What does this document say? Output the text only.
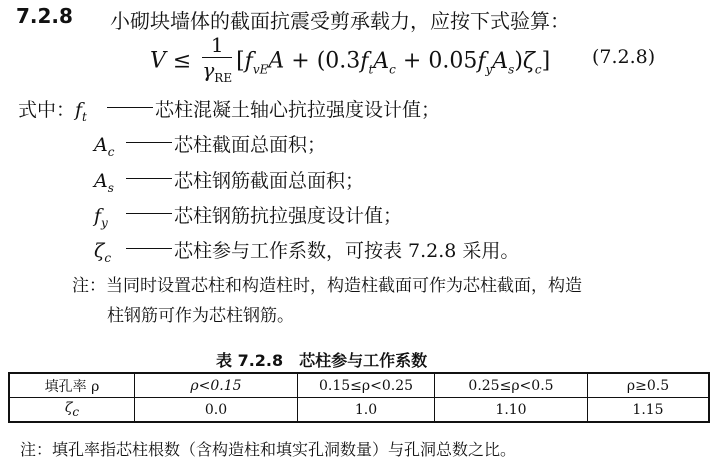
7.2.8 小砌块墙体的截面抗震受剪承载力，应按下式验算：
$V \le \frac{1}{\gamma_{RE}} [f_{vE}A + (0.3f_tA_c + 0.05f_yA_s)\zeta_c]$ (7.2.8)
式中： $f_t$	芯柱混凝土轴心抗拉强度设计值；
$A_c$	芯柱截面总面积；
$A_s$	芯柱钢筋截面总面积；
$f_y$	芯柱钢筋抗拉强度设计值；
$\zeta_c$	芯柱参与工作系数，可按表 7.2.8 采用。
注：当同时设置芯柱和构造柱时，构造柱截面可作为芯柱截面，构造
柱钢筋可作为芯柱钢筋。
表 7.2.8　芯柱参与工作系数
填孔率 ρ	ρ<0.15	0.15≤ρ<0.25	0.25≤ρ<0.5	ρ≥0.5
$\zeta_c$	0.0	1.0	1.10	1.15
注：填孔率指芯柱根数（含构造柱和填实孔洞数量）与孔洞总数之比。
